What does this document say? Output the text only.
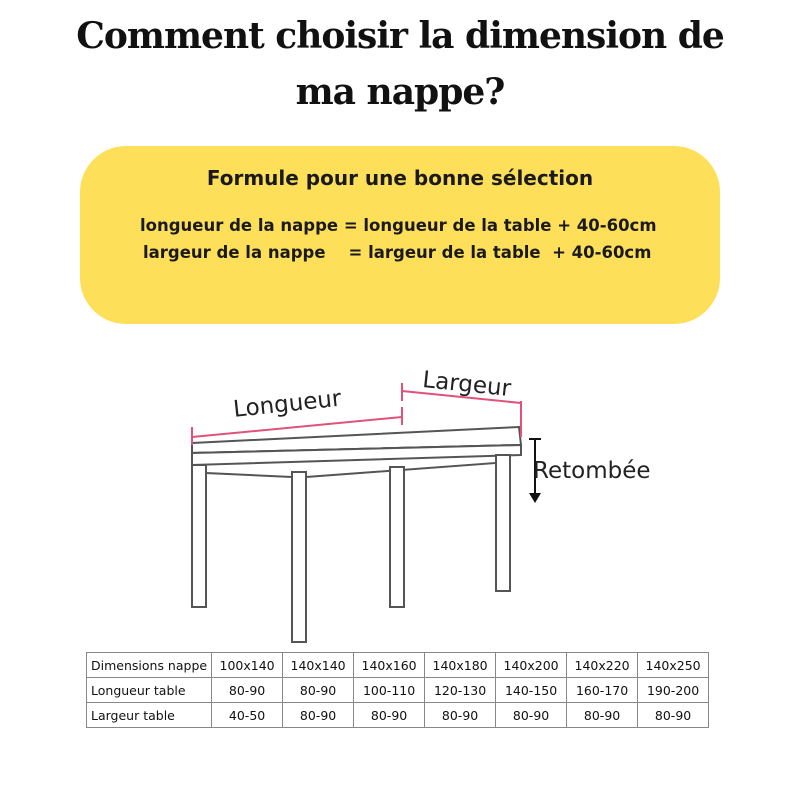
Comment choisir la dimension de
ma nappe?
Formule pour une bonne sélection
longueur de la nappe = longueur de la table + 40-60cm
largeur de la nappe    = largeur de la table  + 40-60cm
Longueur
Largeur
Retombée
Dimensions nappe	100x140	140x140	140x160	140x180	140x200	140x220	140x250
Longueur table	80-90	80-90	100-110	120-130	140-150	160-170	190-200
Largeur table	40-50	80-90	80-90	80-90	80-90	80-90	80-90
